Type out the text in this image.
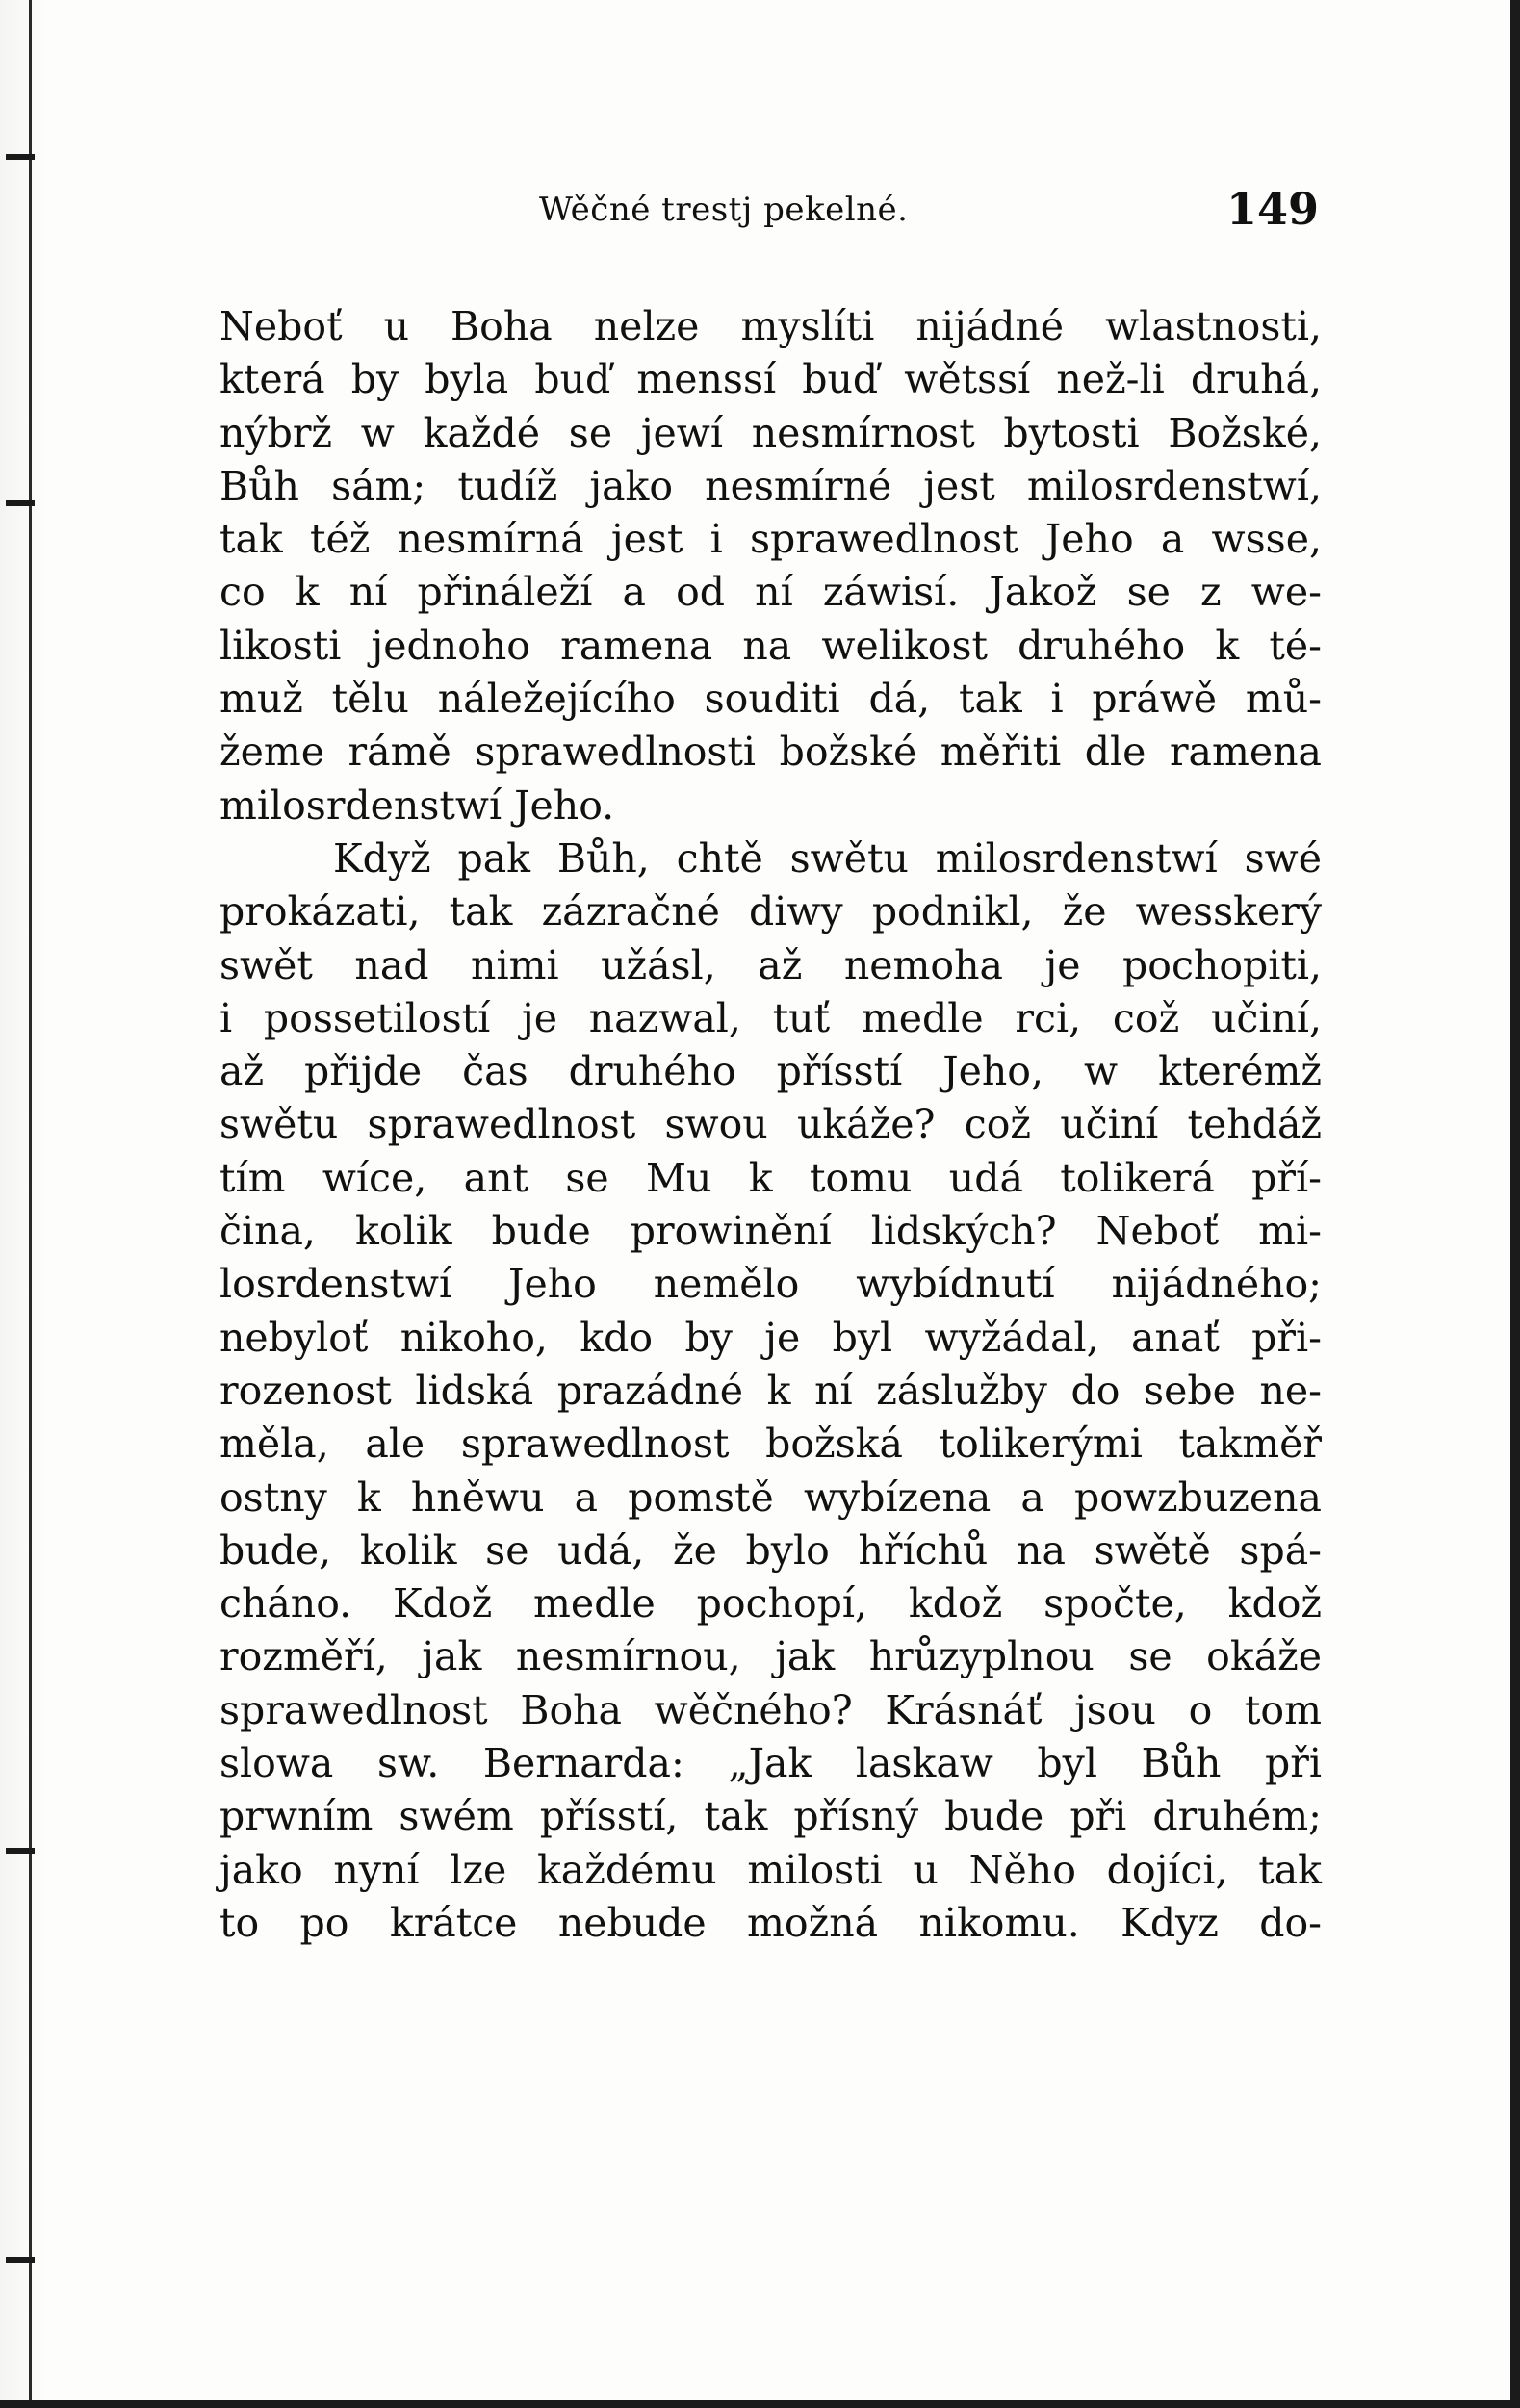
Wěčné trestj pekelné.	149
Neboť u Boha nelze myslíti nijádné wlastnosti,
která by byla buď menssí buď wětssí než-li druhá,
nýbrž w každé se jewí nesmírnost bytosti Božské,
Bůh sám; tudíž jako nesmírné jest milosrdenstwí,
tak též nesmírná jest i sprawedlnost Jeho a wsse,
co k ní přináleží a od ní záwisí. Jakož se z we-
likosti jednoho ramena na welikost druhého k té-
muž tělu náležejícího souditi dá, tak i práwě mů-
žeme rámě sprawedlnosti božské měřiti dle ramena
milosrdenstwí Jeho.
Když pak Bůh, chtě swětu milosrdenstwí swé
prokázati, tak zázračné diwy podnikl, že wesskerý
swět nad nimi užásl, až nemoha je pochopiti,
i possetilostí je nazwal, tuť medle rci, což učiní,
až přijde čas druhého přísstí Jeho, w kterémž
swětu sprawedlnost swou ukáže? což učiní tehdáž
tím wíce, ant se Mu k tomu udá tolikerá pří-
čina, kolik bude prowinění lidských? Neboť mi-
losrdenstwí Jeho nemělo wybídnutí nijádného;
nebyloť nikoho, kdo by je byl wyžádal, anať při-
rozenost lidská prazádné k ní záslužby do sebe ne-
měla, ale sprawedlnost božská tolikerými takměř
ostny k hněwu a pomstě wybízena a powzbuzena
bude, kolik se udá, že bylo hříchů na swětě spá-
cháno. Kdož medle pochopí, kdož spočte, kdož
rozměří, jak nesmírnou, jak hrůzyplnou se okáže
sprawedlnost Boha wěčného? Krásnáť jsou o tom
slowa sw. Bernarda: „Jak laskaw byl Bůh při
prwním swém přísstí, tak přísný bude při druhém;
jako nyní lze každému milosti u Něho dojíci, tak
to po krátce nebude možná nikomu. Kdyz do-
